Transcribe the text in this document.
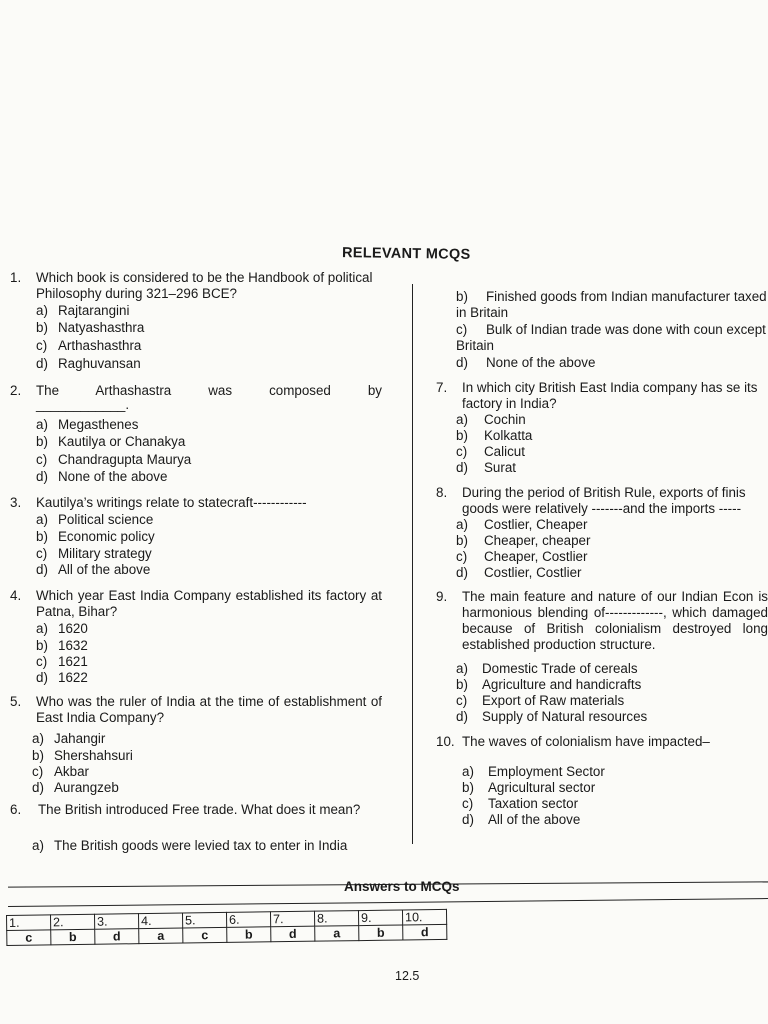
RELEVANT MCQS
1. Which book is considered to be the Handbook of political Philosophy during 321–296 BCE?
a) Rajtarangini
b) Natyashasthra
c) Arthashasthra
d) Raghuvansan
2. The Arthashastra was composed by
____________.
a) Megasthenes
b) Kautilya or Chanakya
c) Chandragupta Maurya
d) None of the above
3. Kautilya’s writings relate to statecraft------------
a) Political science
b) Economic policy
c) Military strategy
d) All of the above
4. Which year East India Company established its factory at Patna, Bihar?
a) 1620
b) 1632
c) 1621
d) 1622
5. Who was the ruler of India at the time of establishment of East India Company?
a) Jahangir
b) Shershahsuri
c) Akbar
d) Aurangzeb
6. The British introduced Free trade. What does it mean?
a) The British goods were levied tax to enter in India
b) Finished goods from Indian manufacturer taxed in Britain
c) Bulk of Indian trade was done with coun except Britain
d) None of the above
7. In which city British East India company has se its factory in India?
a) Cochin
b) Kolkatta
c) Calicut
d) Surat
8. During the period of British Rule, exports of finis goods were relatively -------and the imports -----
a) Costlier, Cheaper
b) Cheaper, cheaper
c) Cheaper, Costlier
d) Costlier, Costlier
9. The main feature and nature of our Indian Econ is harmonious blending of-------------, which damaged because of British colonialism destroyed long established production structure.
a) Domestic Trade of cereals
b) Agriculture and handicrafts
c) Export of Raw materials
d) Supply of Natural resources
10. The waves of colonialism have impacted–
a) Employment Sector
b) Agricultural sector
c) Taxation sector
d) All of the above
Answers to MCQs
1.	2.	3.	4.	5.	6.	7.	8.	9.	10.
c	b	d	a	c	b	d	a	b	d
12.5
